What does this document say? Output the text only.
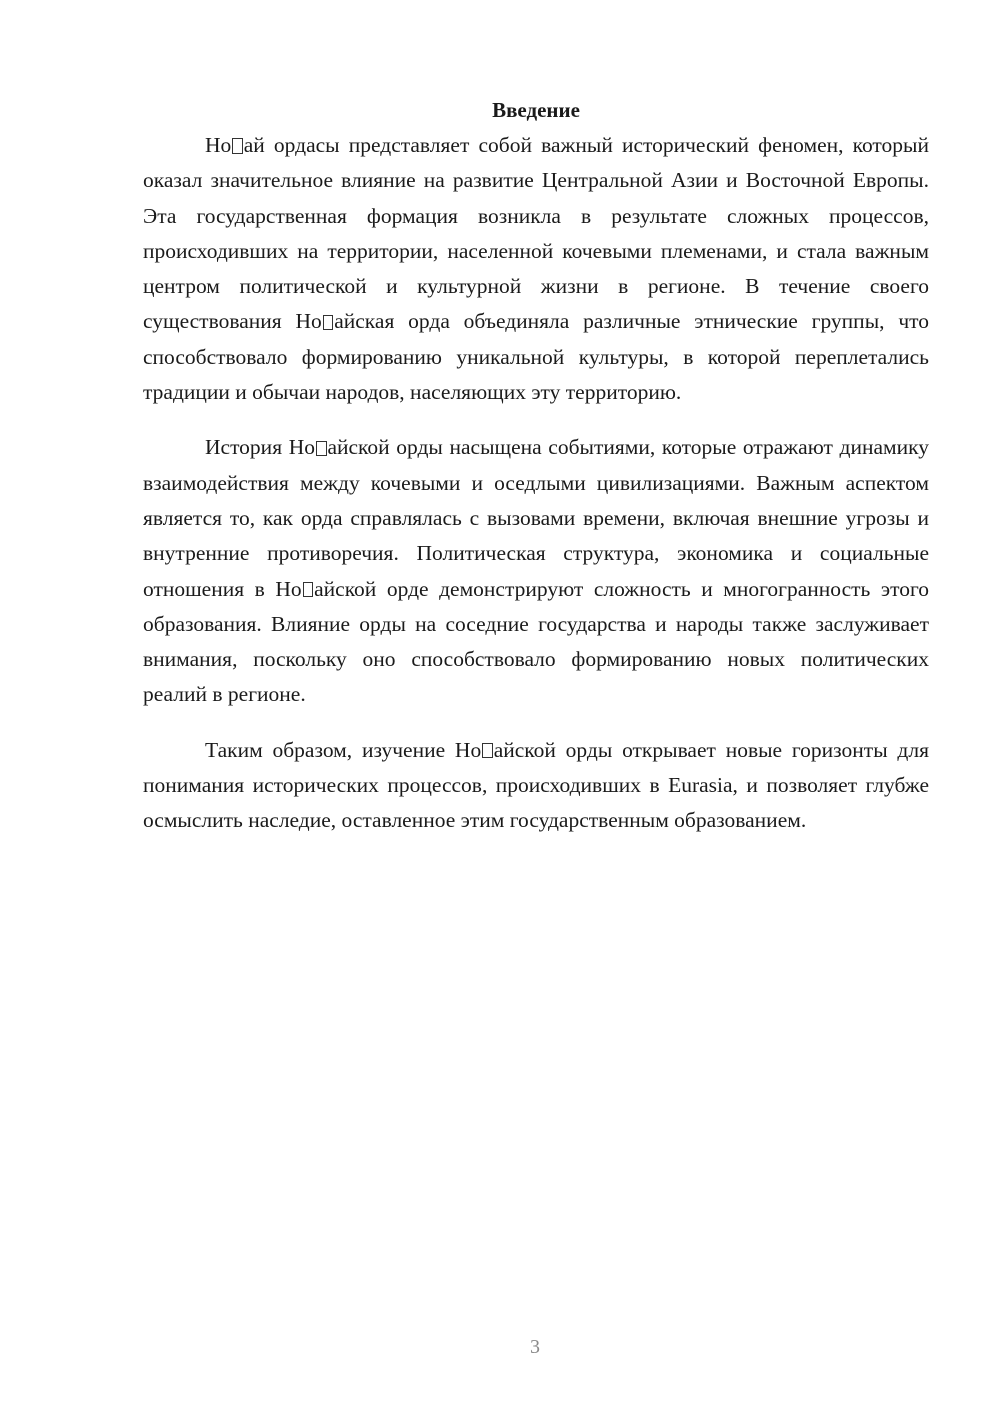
Введение

Но ай ордасы представляет собой важный исторический феномен, который оказал значительное влияние на развитие Центральной Азии и Восточной Европы. Эта государственная формация возникла в результате сложных процессов, происходивших на территории, населенной кочевыми племенами, и стала важным центром политической и культурной жизни в регионе. В течение своего существования Но айская орда объединяла различные этнические группы, что способствовало формированию уникальной культуры, в которой переплетались традиции и обычаи народов, населяющих эту территорию.

История Но айской орды насыщена событиями, которые отражают динамику взаимодействия между кочевыми и оседлыми цивилизациями. Важным аспектом является то, как орда справлялась с вызовами времени, включая внешние угрозы и внутренние противоречия. Политическая структура, экономика и социальные отношения в Но айской орде демонстрируют сложность и многогранность этого образования. Влияние орды на соседние государства и народы также заслуживает внимания, поскольку оно способствовало формированию новых политических реалий в регионе.

Таким образом, изучение Но айской орды открывает новые горизонты для понимания исторических процессов, происходивших в Eurasia, и позволяет глубже осмыслить наследие, оставленное этим государственным образованием.

3
